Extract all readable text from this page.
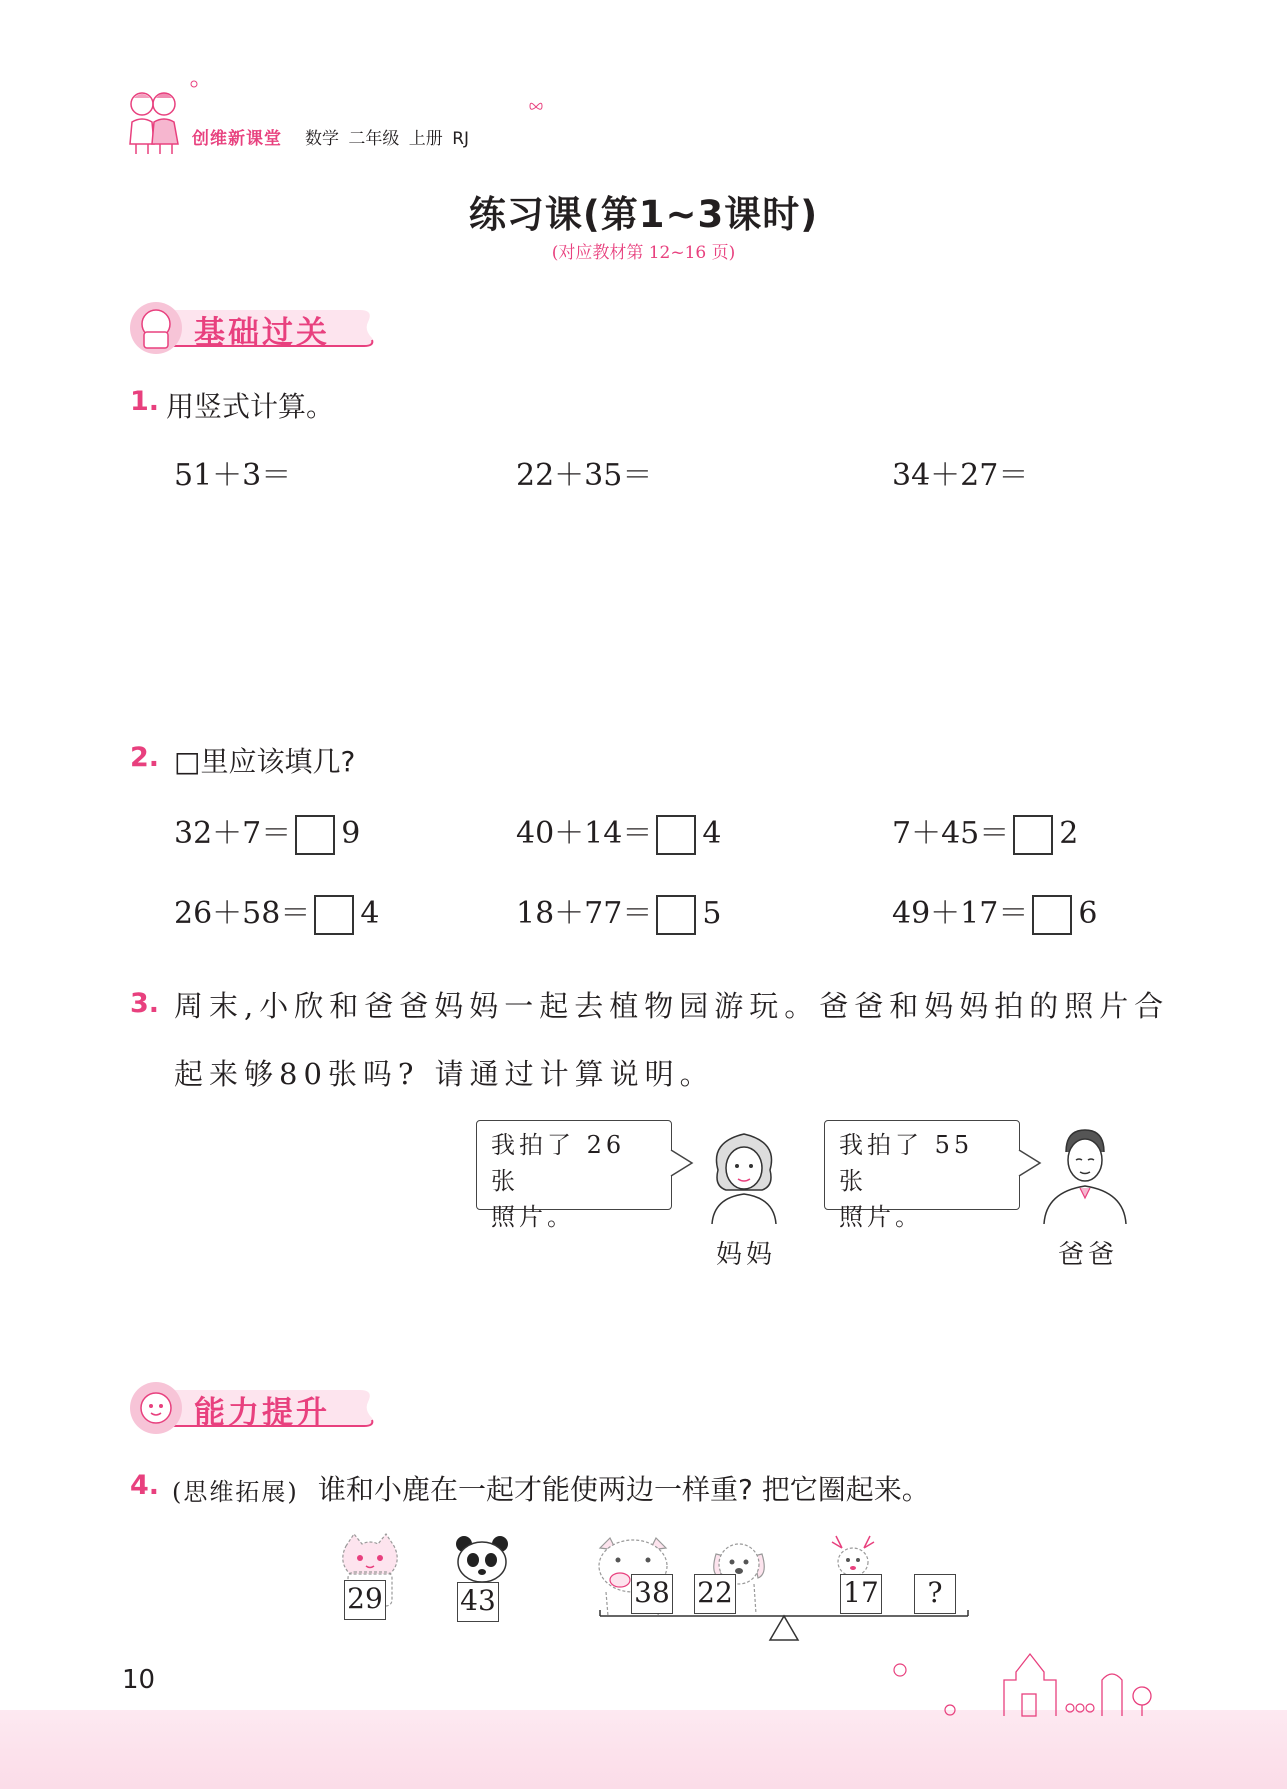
创维新课堂 数学 二年级 上册 RJ
练习课(第1~3课时)
(对应教材第 12~16 页)
基础过关
1. 用竖式计算。
51＋3＝	22＋35＝	34＋27＝
2. □里应该填几?
32＋7＝ 9	40＋14＝ 4	7＋45＝ 2
26＋58＝ 4	18＋77＝ 5	49＋17＝ 6
3. 周末,小欣和爸爸妈妈一起去植物园游玩。爸爸和妈妈拍的照片合
起来够80张吗? 请通过计算说明。
我拍了 26 张
照片。
妈妈
我拍了 55 张
照片。
爸爸
能力提升
4. (思维拓展) 谁和小鹿在一起才能使两边一样重? 把它圈起来。
29	43	38 22	17	?
10
